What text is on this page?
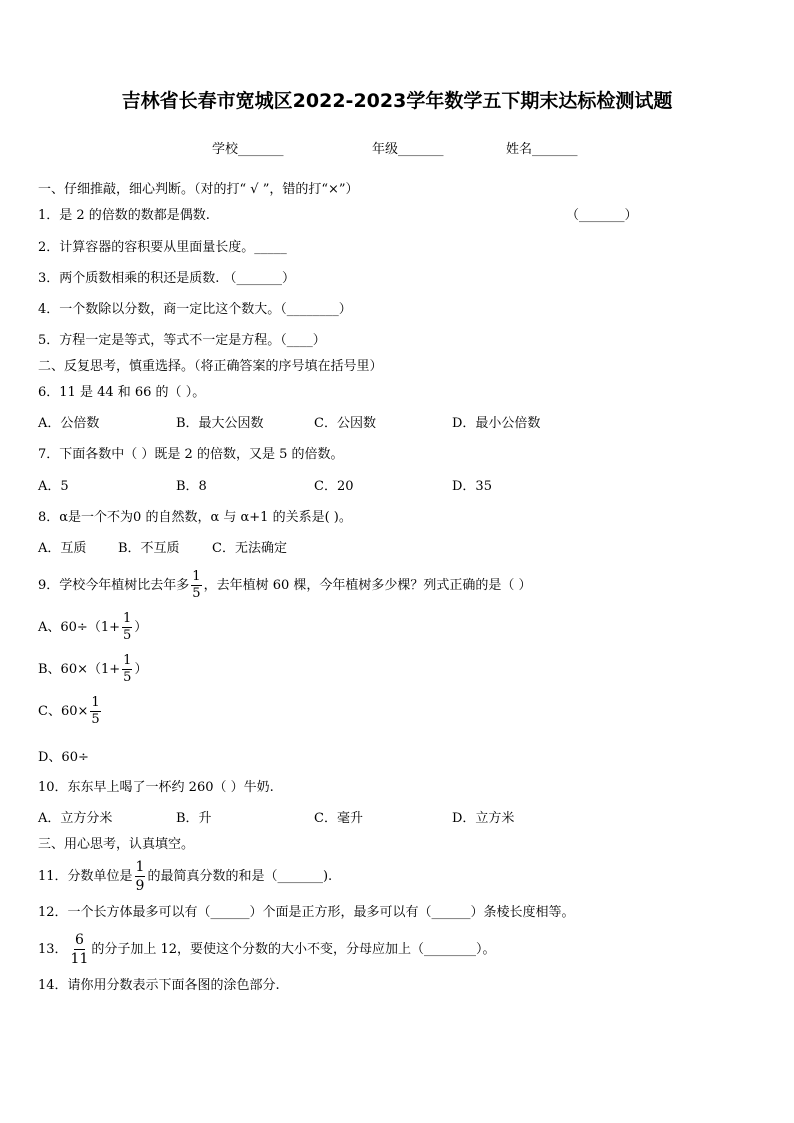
吉林省长春市宽城区2022-2023学年数学五下期末达标检测试题
学校_______	年级_______	姓名_______
一、仔细推敲，细心判断。（对的打“ √ ”，错的打“×”）
1．是 2 的倍数的数都是偶数.	（_______）
2．计算容器的容积要从里面量长度。_____
3．两个质数相乘的积还是质数. （_______）
4．一个数除以分数，商一定比这个数大。（________）
5．方程一定是等式，等式不一定是方程。（____）
二、反复思考，慎重选择。（将正确答案的序号填在括号里）
6．11 是 44 和 66 的（ ）。
A．公倍数	B．最大公因数	C．公因数	D．最小公倍数
7．下面各数中（ ）既是 2 的倍数，又是 5 的倍数。
A．5	B．8	C．20	D．35
8．α是一个不为0 的自然数，α 与 α+1 的关系是( )。
A．互质 B．不互质 C．无法确定
9．学校今年植树比去年多 $\frac{1}{5}$ ，去年植树 60 棵，今年植树多少棵？列式正确的是（ ）
A、$60\div(1+ \frac{1}{5}$ ）
B、$60\times(1+ \frac{1}{5}$ ）
C、$60\times \frac{1}{5}$
D、60÷
10．东东早上喝了一杯约 260（ ）牛奶.
A．立方分米	B．升	C．毫升	D．立方米
三、用心思考，认真填空。
11．分数单位是 $\frac{1}{9}$ 的最简真分数的和是（_______).
12．一个长方体最多可以有（______）个面是正方形，最多可以有（______）条棱长度相等。
13． $\frac{6}{11}$ 的分子加上 12，要使这个分数的大小不变，分母应加上（________）。
14．请你用分数表示下面各图的涂色部分.
